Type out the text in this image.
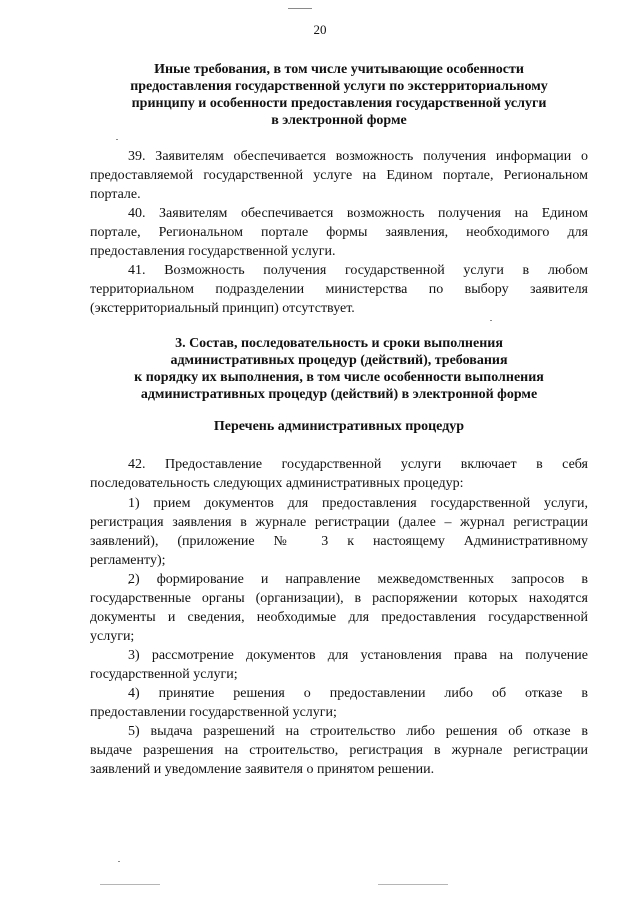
20
Иные требования, в том числе учитывающие особенности
предоставления государственной услуги по экстерриториальному
принципу и особенности предоставления государственной услуги
в электронной форме
39. Заявителям обеспечивается возможность получения информации о
предоставляемой государственной услуге на Едином портале, Региональном
портале.
40. Заявителям обеспечивается возможность получения на Едином
портале, Региональном портале формы заявления, необходимого для
предоставления государственной услуги.
41. Возможность получения государственной услуги в любом
территориальном подразделении министерства по выбору заявителя
(экстерриториальный принцип) отсутствует.
3. Состав, последовательность и сроки выполнения
административных процедур (действий), требования
к порядку их выполнения, в том числе особенности выполнения
административных процедур (действий) в электронной форме
Перечень административных процедур
42. Предоставление государственной услуги включает в себя
последовательность следующих административных процедур:
1) прием документов для предоставления государственной услуги,
регистрация заявления в журнале регистрации (далее – журнал регистрации
заявлений), (приложение № 3 к настоящему Административному
регламенту);
2) формирование и направление межведомственных запросов в
государственные органы (организации), в распоряжении которых находятся
документы и сведения, необходимые для предоставления государственной
услуги;
3) рассмотрение документов для установления права на получение
государственной услуги;
4) принятие решения о предоставлении либо об отказе в
предоставлении государственной услуги;
5) выдача разрешений на строительство либо решения об отказе в
выдаче разрешения на строительство, регистрация в журнале регистрации
заявлений и уведомление заявителя о принятом решении.
